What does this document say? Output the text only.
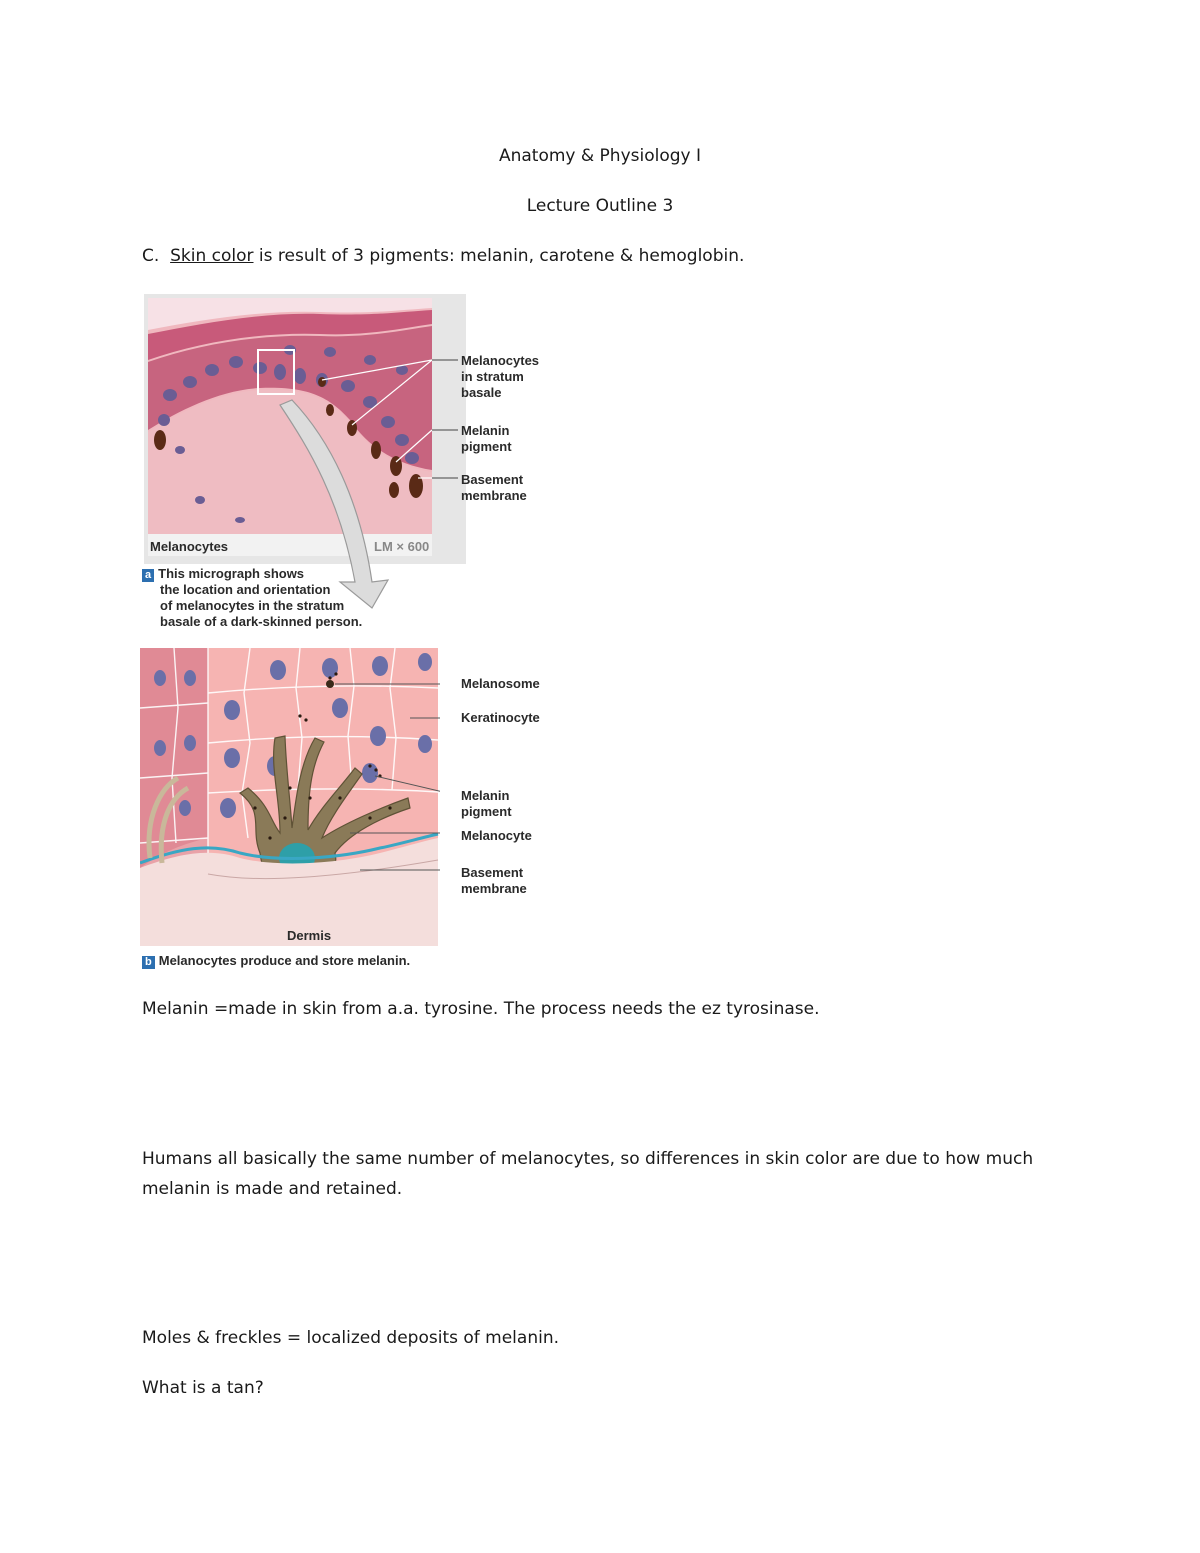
Anatomy & Physiology I
Lecture Outline 3
C. Skin color is result of 3 pigments: melanin, carotene & hemoglobin.
Melanocytes	LM × 600
Melanocytes
in stratum
basale
Melanin
pigment
Basement
membrane
a This micrograph shows
the location and orientation
of melanocytes in the stratum
basale of a dark-skinned person.
Dermis
Melanosome
Keratinocyte
Melanin
pigment
Melanocyte
Basement
membrane
b Melanocytes produce and store melanin.
Melanin =made in skin from a.a. tyrosine. The process needs the ez tyrosinase.
Humans all basically the same number of melanocytes, so differences in skin color are due to how much
melanin is made and retained.
Moles & freckles = localized deposits of melanin.
What is a tan?
